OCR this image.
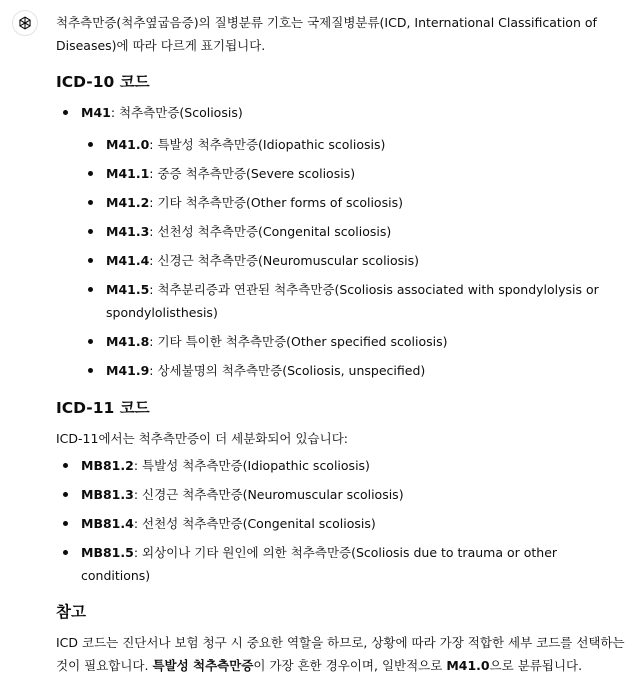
척추측만증(척추옆굽음증)의 질병분류 기호는 국제질병분류(ICD, International Classification of Diseases)에 따라 다르게 표기됩니다.

ICD-10 코드
M41: 척추측만증(Scoliosis)
M41.0: 특발성 척추측만증(Idiopathic scoliosis)
M41.1: 중증 척추측만증(Severe scoliosis)
M41.2: 기타 척추측만증(Other forms of scoliosis)
M41.3: 선천성 척추측만증(Congenital scoliosis)
M41.4: 신경근 척추측만증(Neuromuscular scoliosis)
M41.5: 척추분리증과 연관된 척추측만증(Scoliosis associated with spondylolysis or spondylolisthesis)
M41.8: 기타 특이한 척추측만증(Other specified scoliosis)
M41.9: 상세불명의 척추측만증(Scoliosis, unspecified)
ICD-11 코드

ICD-11에서는 척추측만증이 더 세분화되어 있습니다:

MB81.2: 특발성 척추측만증(Idiopathic scoliosis)
MB81.3: 신경근 척추측만증(Neuromuscular scoliosis)
MB81.4: 선천성 척추측만증(Congenital scoliosis)
MB81.5: 외상이나 기타 원인에 의한 척추측만증(Scoliosis due to trauma or other conditions)
참고

ICD 코드는 진단서나 보험 청구 시 중요한 역할을 하므로, 상황에 따라 가장 적합한 세부 코드를 선택하는 것이 필요합니다. 특발성 척추측만증이 가장 흔한 경우이며, 일반적으로 M41.0으로 분류됩니다.
